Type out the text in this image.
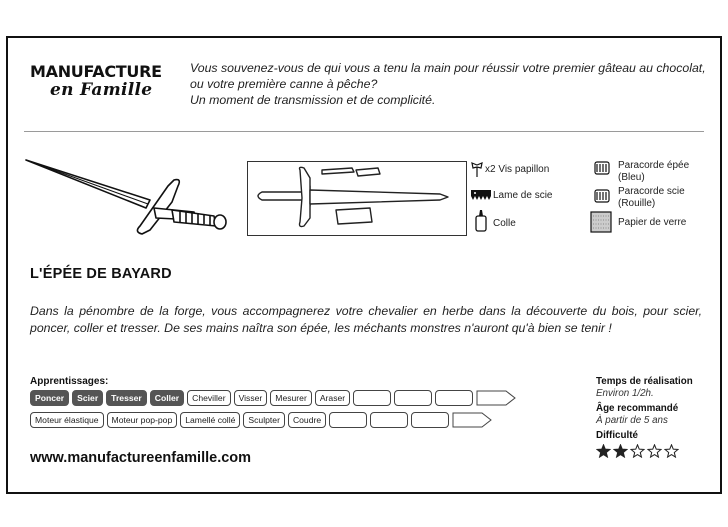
MANUFACTURE
en Famille
Vous souvenez-vous de qui vous a tenu la main pour réussir votre premier gâteau au chocolat, ou votre première canne à pêche?
Un moment de transmission et de complicité.
x2 Vis papillon
Lame de scie
Colle
Paracorde épée
(Bleu)
Paracorde scie
(Rouille)
Papier de verre
L'ÉPÉE DE BAYARD
Dans la pénombre de la forge, vous accompagnerez votre chevalier en herbe dans la découverte du bois, pour scier, poncer, coller et tresser. De ses mains naîtra son épée, les méchants monstres n'auront qu'à bien se tenir !
Apprentissages:
Poncer	Scier	Tresser	Coller	Cheviller	Visser	Mesurer	Araser
Moteur élastique	Moteur pop-pop	Lamellé collé	Sculpter	Coudre
Temps de réalisation
Environ 1/2h.
Âge recommandé
À partir de 5 ans
Difficulté
www.manufactureenfamille.com
